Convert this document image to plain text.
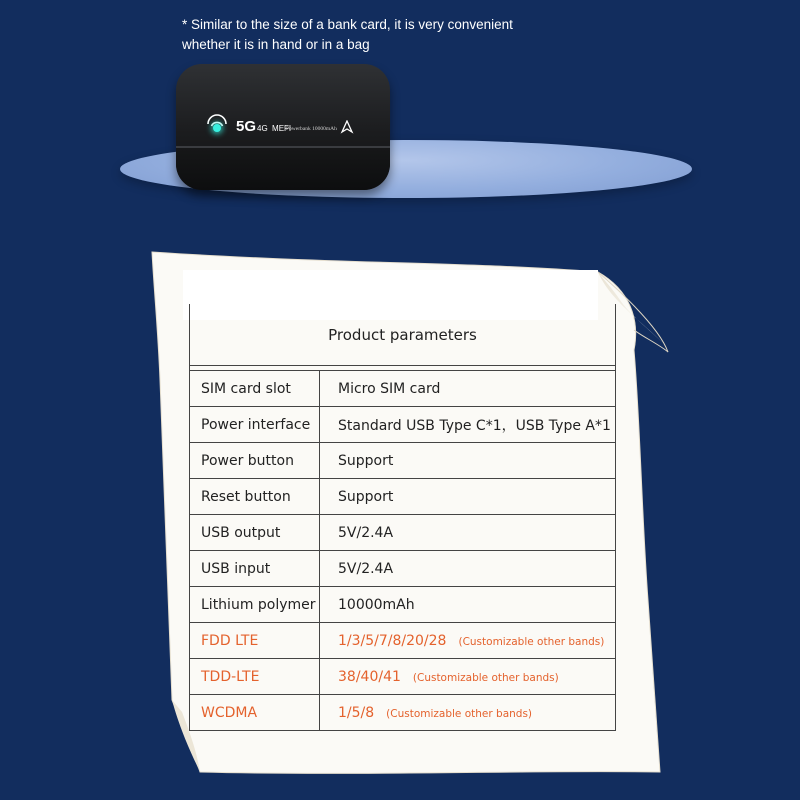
* Similar to the size of a bank card, it is very convenient
whether it is in hand or in a bag
5G4G MEFI
Powerbank 10000mAh
Product parameters	

SIM card slot	Micro SIM card
Power interface	Standard USB Type C*1，USB Type A*1
Power button	Support
Reset button	Support
USB output	5V/2.4A
USB input	5V/2.4A
Lithium polymer	10000mAh
FDD LTE	1/3/5/7/8/20/28 (Customizable other bands)
TDD-LTE	38/40/41 (Customizable other bands)
WCDMA	1/5/8 (Customizable other bands)
